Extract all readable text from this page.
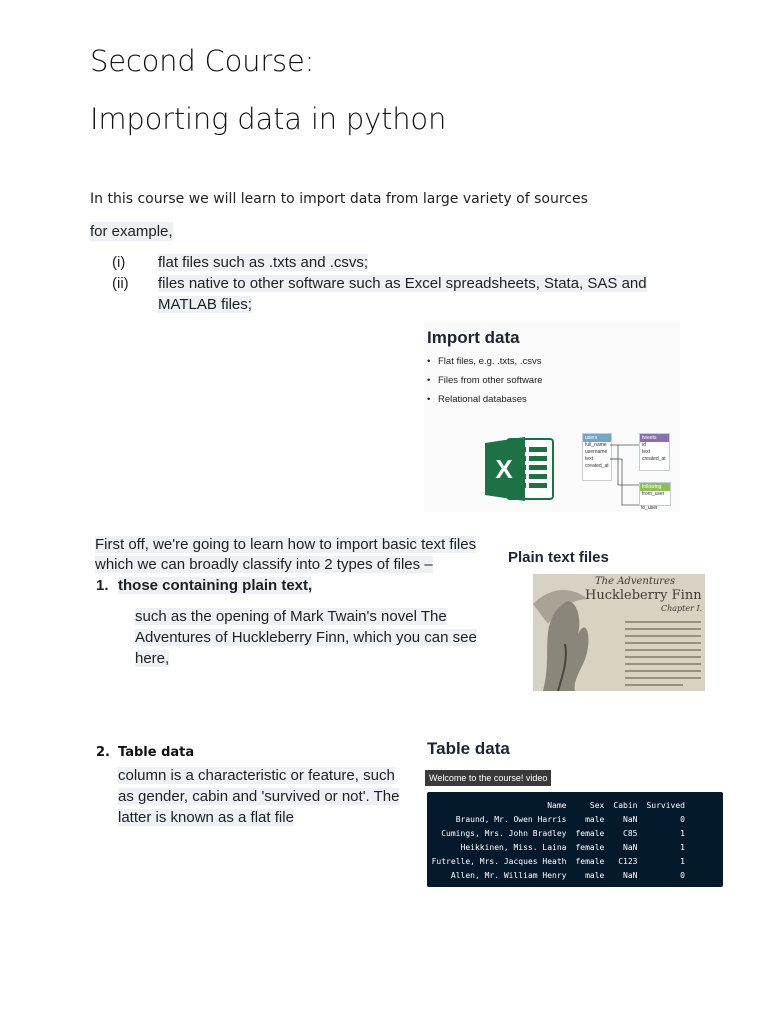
Second Course:
Importing data in python
In this course we will learn to import data from large variety of sources
for example,
(i) flat files such as .txts and .csvs;
(ii) files native to other software such as Excel spreadsheets, Stata, SAS and
MATLAB files;
Import data
• Flat files, e.g. .txts, .csvs
• Files from other software
• Relational databases
X
users
full_name
username
text
created_at
tweets
id
text
created_at
following
from_user
to_user
First off, we're going to learn how to import basic text files
which we can broadly classify into 2 types of files –
1. those containing plain text,
such as the opening of Mark Twain's novel The
Adventures of Huckleberry Finn, which you can see
here,
Plain text files
The Adventures
Huckleberry Finn
Chapter I.
2. Table data
column is a characteristic or feature, such
as gender, cabin and 'survived or not'. The
latter is known as a flat file
Table data
Welcome to the course! video
Name	Sex	Cabin	Survived
Braund, Mr. Owen Harris	male	NaN	0
Cumings, Mrs. John Bradley	female	C85	1
Heikkinen, Miss. Laina	female	NaN	1
Futrelle, Mrs. Jacques Heath	female	C123	1
Allen, Mr. William Henry	male	NaN	0
